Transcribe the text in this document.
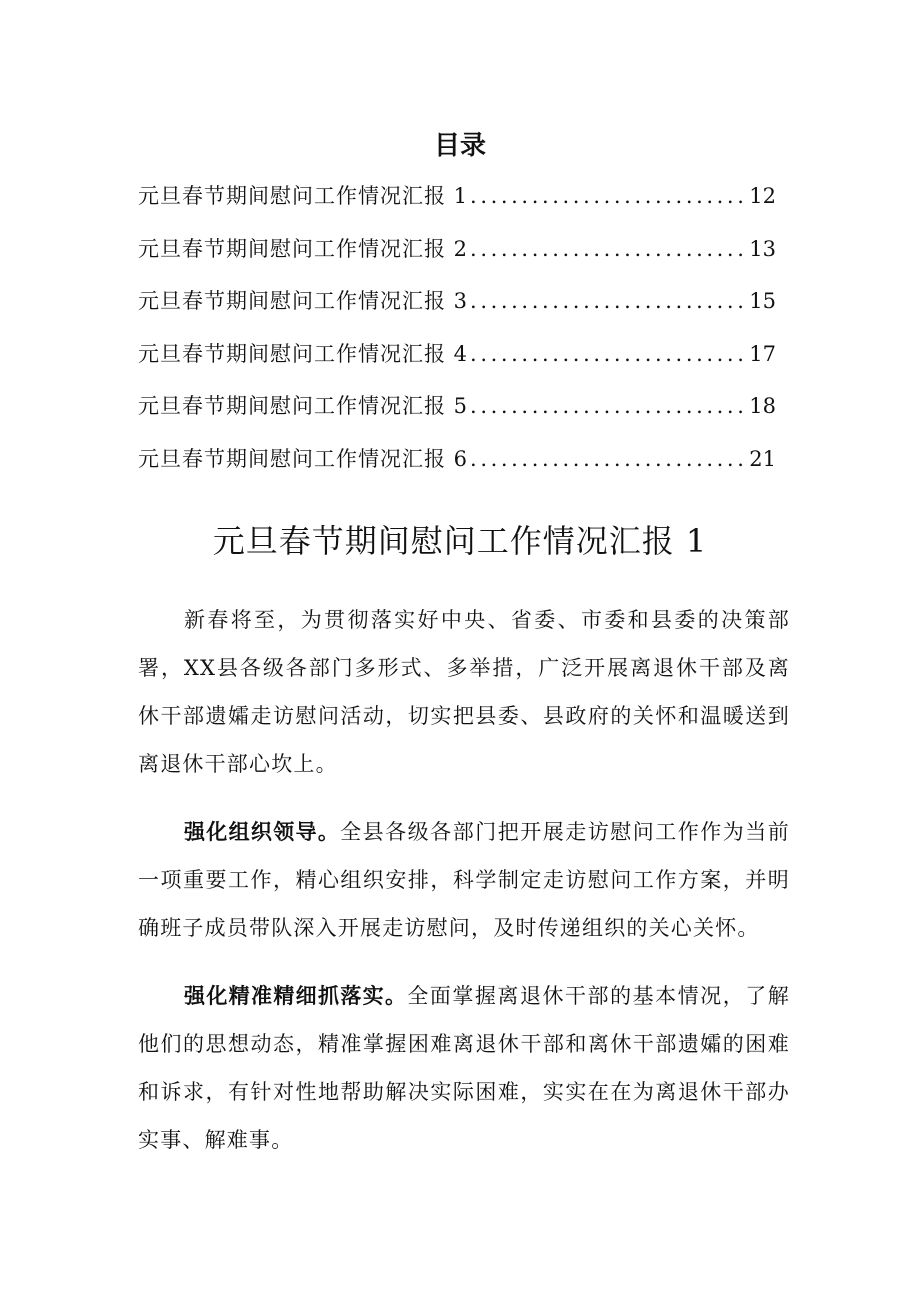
目录
元旦春节期间慰问工作情况汇报 1 .....	12
元旦春节期间慰问工作情况汇报 2 .....	13
元旦春节期间慰问工作情况汇报 3 .....	15
元旦春节期间慰问工作情况汇报 4 .....	17
元旦春节期间慰问工作情况汇报 5 .....	18
元旦春节期间慰问工作情况汇报 6 .....	21
元旦春节期间慰问工作情况汇报 1

新春将至，为贯彻落实好中央、省委、市委和县委的决策部署，XX县各级各部门多形式、多举措，广泛开展离退休干部及离休干部遗孀走访慰问活动，切实把县委、县政府的关怀和温暖送到离退休干部心坎上。

强化组织领导。全县各级各部门把开展走访慰问工作作为当前一项重要工作，精心组织安排，科学制定走访慰问工作方案，并明确班子成员带队深入开展走访慰问，及时传递组织的关心关怀。

强化精准精细抓落实。全面掌握离退休干部的基本情况，了解他们的思想动态，精准掌握困难离退休干部和离休干部遗孀的困难和诉求，有针对性地帮助解决实际困难，实实在在为离退休干部办实事、解难事。
